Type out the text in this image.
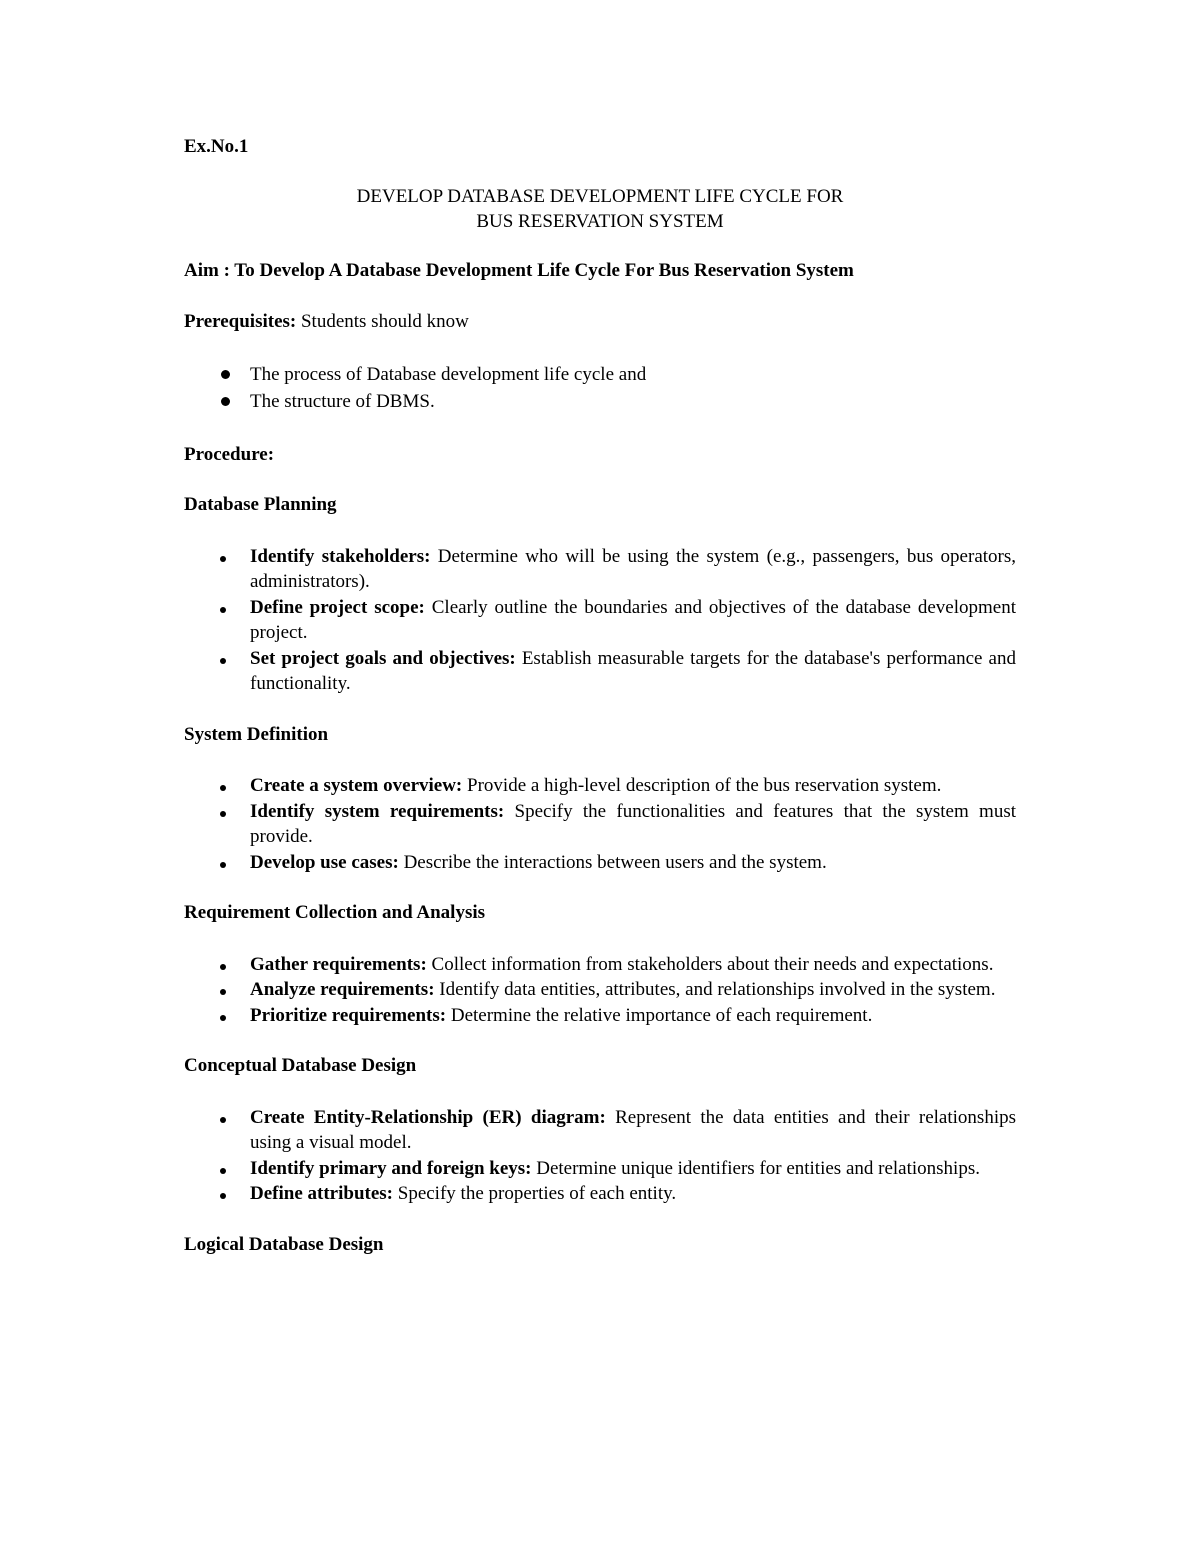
Ex.No.1

DEVELOP DATABASE DEVELOPMENT LIFE CYCLE FOR
BUS RESERVATION SYSTEM

Aim : To Develop A Database Development Life Cycle For Bus Reservation System

Prerequisites: Students should know

The process of Database development life cycle and
The structure of DBMS.

Procedure:

Database Planning

Identify stakeholders: Determine who will be using the system (e.g., passengers, bus operators, administrators).
Define project scope: Clearly outline the boundaries and objectives of the database development project.
Set project goals and objectives: Establish measurable targets for the database's performance and functionality.

System Definition

Create a system overview: Provide a high-level description of the bus reservation system.
Identify system requirements: Specify the functionalities and features that the system must provide.
Develop use cases: Describe the interactions between users and the system.

Requirement Collection and Analysis

Gather requirements: Collect information from stakeholders about their needs and expectations.
Analyze requirements: Identify data entities, attributes, and relationships involved in the system.
Prioritize requirements: Determine the relative importance of each requirement.

Conceptual Database Design

Create Entity-Relationship (ER) diagram: Represent the data entities and their relationships using a visual model.
Identify primary and foreign keys: Determine unique identifiers for entities and relationships.
Define attributes: Specify the properties of each entity.

Logical Database Design
